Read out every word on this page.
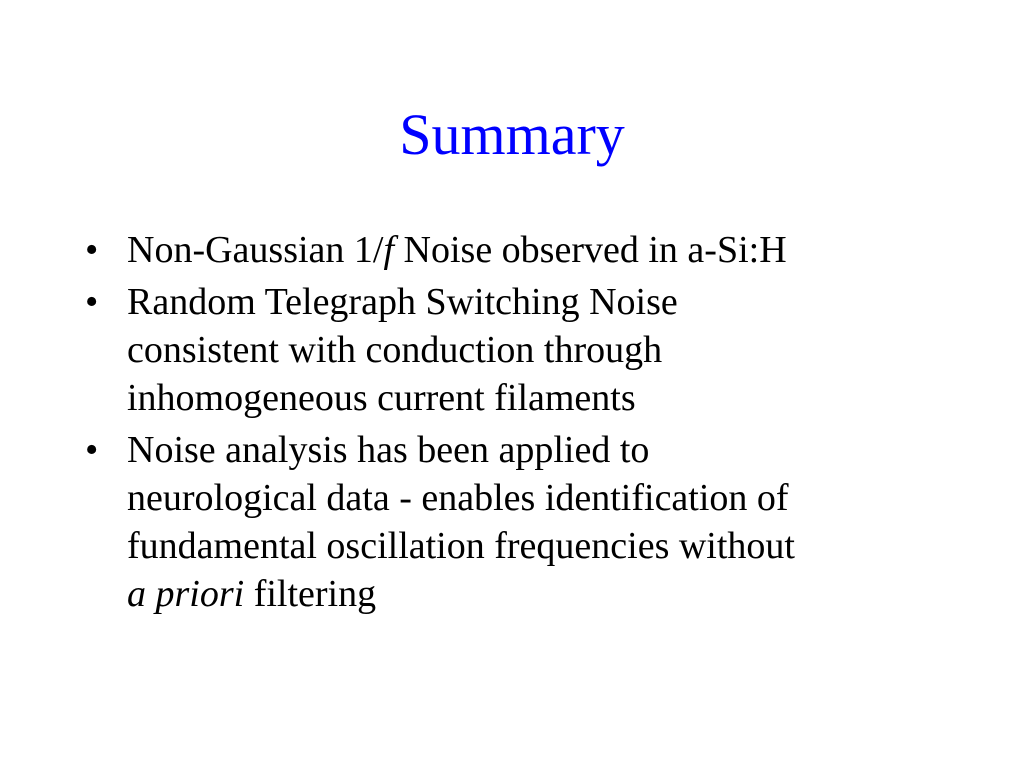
Summary
• Non-Gaussian 1/f Noise observed in a-Si:H
• Random Telegraph Switching Noise
consistent with conduction through
inhomogeneous current filaments
• Noise analysis has been applied to
neurological data - enables identification of
fundamental oscillation frequencies without
a priori filtering
